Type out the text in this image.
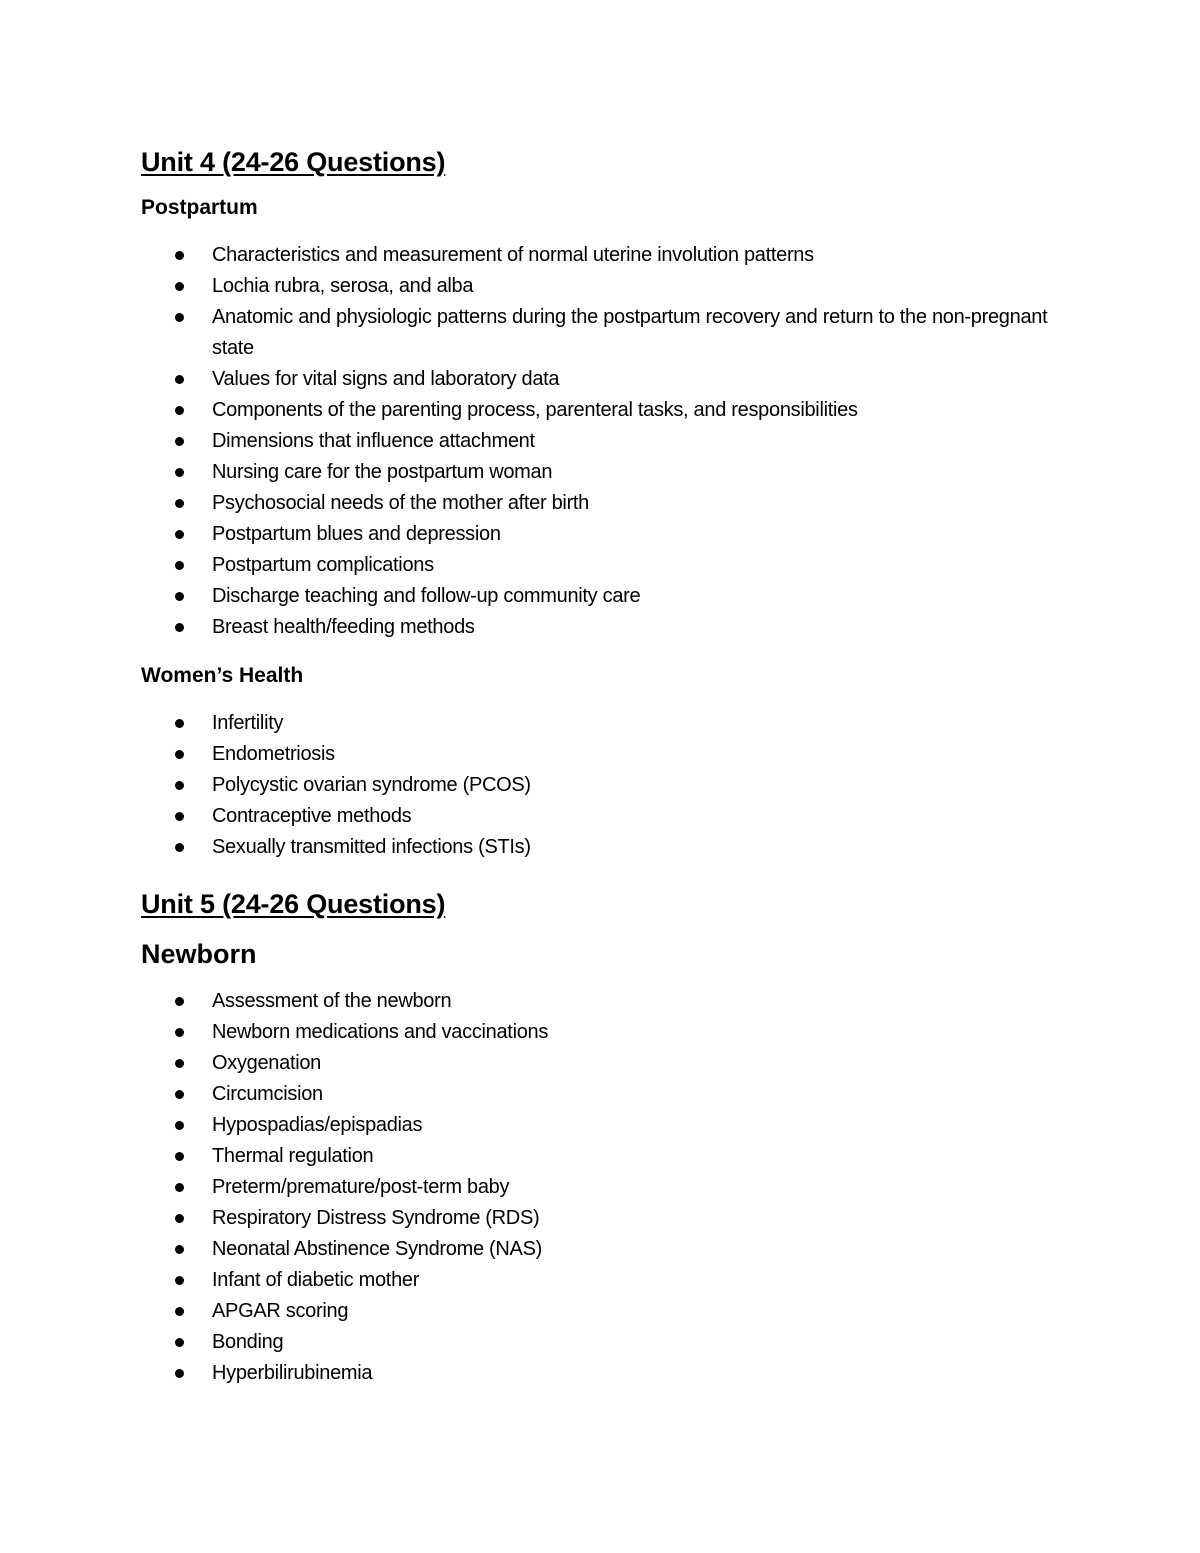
Unit 4 (24-26 Questions)
Postpartum
Characteristics and measurement of normal uterine involution patterns
Lochia rubra, serosa, and alba
Anatomic and physiologic patterns during the postpartum recovery and return to the non-pregnant state
Values for vital signs and laboratory data
Components of the parenting process, parenteral tasks, and responsibilities
Dimensions that influence attachment
Nursing care for the postpartum woman
Psychosocial needs of the mother after birth
Postpartum blues and depression
Postpartum complications
Discharge teaching and follow-up community care
Breast health/feeding methods
Women’s Health
Infertility
Endometriosis
Polycystic ovarian syndrome (PCOS)
Contraceptive methods
Sexually transmitted infections (STIs)
Unit 5 (24-26 Questions)
Newborn
Assessment of the newborn
Newborn medications and vaccinations
Oxygenation
Circumcision
Hypospadias/epispadias
Thermal regulation
Preterm/premature/post-term baby
Respiratory Distress Syndrome (RDS)
Neonatal Abstinence Syndrome (NAS)
Infant of diabetic mother
APGAR scoring
Bonding
Hyperbilirubinemia
